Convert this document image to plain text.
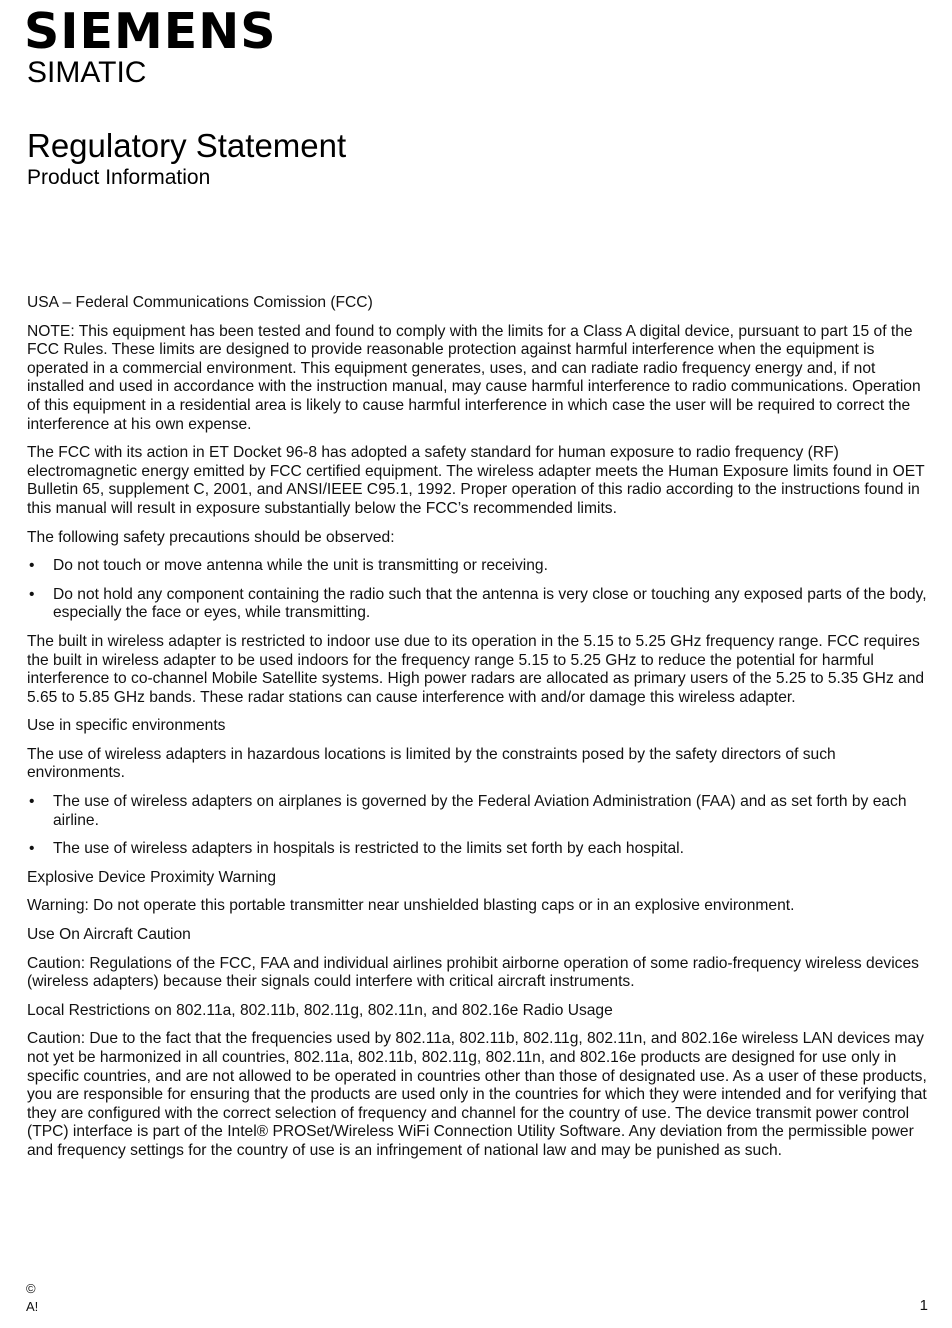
SIEMENS
SIMATIC
Regulatory Statement
Product Information
USA – Federal Communications Comission (FCC)

NOTE: This equipment has been tested and found to comply with the limits for a Class A digital device, pursuant to part 15 of the FCC Rules. These limits are designed to provide reasonable protection against harmful interference when the equipment is operated in a commercial environment. This equipment generates, uses, and can radiate radio frequency energy and, if not installed and used in accordance with the instruction manual, may cause harmful interference to radio communications. Operation of this equipment in a residential area is likely to cause harmful interference in which case the user will be required to correct the interference at his own expense.

The FCC with its action in ET Docket 96-8 has adopted a safety standard for human exposure to radio frequency (RF) electromagnetic energy emitted by FCC certified equipment. The wireless adapter meets the Human Exposure limits found in OET Bulletin 65, supplement C, 2001, and ANSI/IEEE C95.1, 1992. Proper operation of this radio according to the instructions found in this manual will result in exposure substantially below the FCC’s recommended limits.

The following safety precautions should be observed:

• Do not touch or move antenna while the unit is transmitting or receiving.
• Do not hold any component containing the radio such that the antenna is very close or touching any exposed parts of the body, especially the face or eyes, while transmitting.

The built in wireless adapter is restricted to indoor use due to its operation in the 5.15 to 5.25 GHz frequency range. FCC requires the built in wireless adapter to be used indoors for the frequency range 5.15 to 5.25 GHz to reduce the potential for harmful interference to co-channel Mobile Satellite systems. High power radars are allocated as primary users of the 5.25 to 5.35 GHz and 5.65 to 5.85 GHz bands. These radar stations can cause interference with and/or damage this wireless adapter.

Use in specific environments

The use of wireless adapters in hazardous locations is limited by the constraints posed by the safety directors of such environments.

• The use of wireless adapters on airplanes is governed by the Federal Aviation Administration (FAA) and as set forth by each airline.
• The use of wireless adapters in hospitals is restricted to the limits set forth by each hospital.
Explosive Device Proximity Warning

Warning: Do not operate this portable transmitter near unshielded blasting caps or in an explosive environment.

Use On Aircraft Caution

Caution: Regulations of the FCC, FAA and individual airlines prohibit airborne operation of some radio-frequency wireless devices (wireless adapters) because their signals could interfere with critical aircraft instruments.

Local Restrictions on 802.11a, 802.11b, 802.11g, 802.11n, and 802.16e Radio Usage

Caution: Due to the fact that the frequencies used by 802.11a, 802.11b, 802.11g, 802.11n, and 802.16e wireless LAN devices may not yet be harmonized in all countries, 802.11a, 802.11b, 802.11g, 802.11n, and 802.16e products are designed for use only in specific countries, and are not allowed to be operated in countries other than those of designated use. As a user of these products, you are responsible for ensuring that the products are used only in the countries for which they were intended and for verifying that they are configured with the correct selection of frequency and channel for the country of use. The device transmit power control (TPC) interface is part of the Intel® PROSet/Wireless WiFi Connection Utility Software. Any deviation from the permissible power and frequency settings for the country of use is an infringement of national law and may be punished as such.

©
A!	1
